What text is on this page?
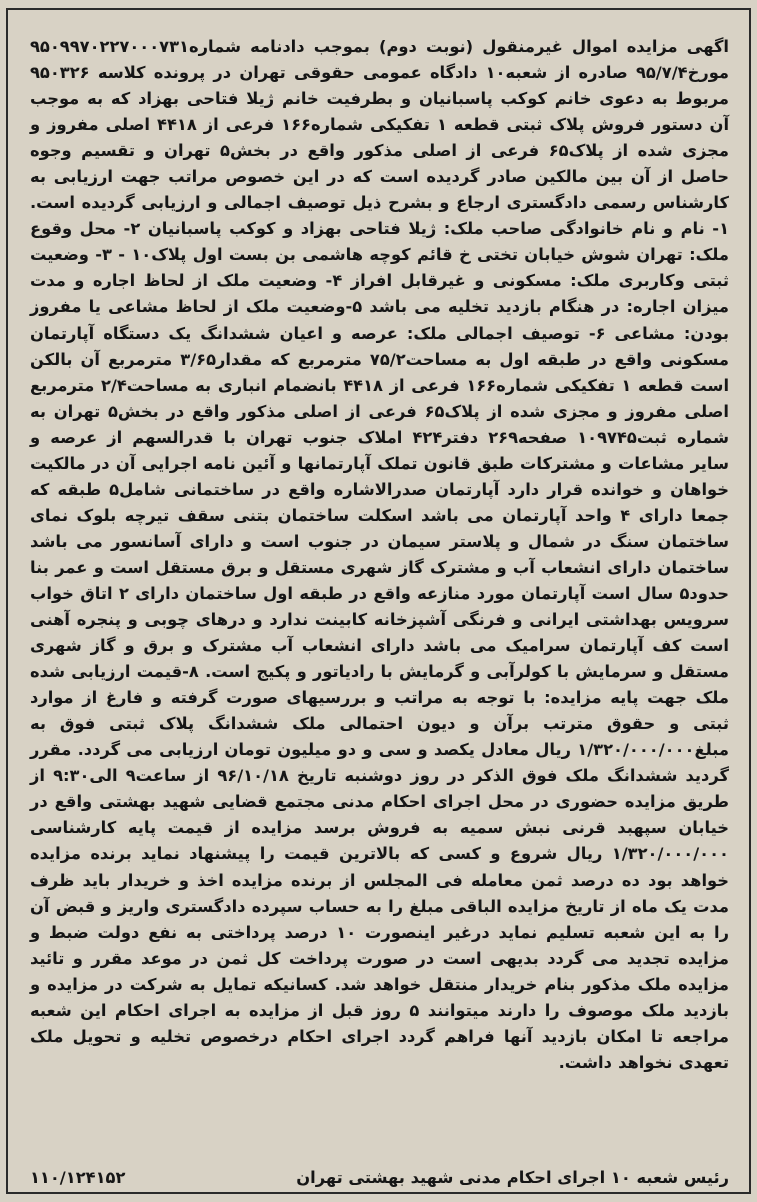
اگهی مزایده اموال غیرمنقول (نوبت دوم) بموجب دادنامه شماره۹۵۰۹۹۷۰۲۲۷۰۰۰۷۳۱ مورخ۹۵/۷/۴ صادره از شعبه۱۰ دادگاه عمومی حقوقی تهران در پرونده کلاسه ۹۵۰۳۲۶ مربوط به دعوی خانم کوکب پاسبانیان و بطرفیت خانم ژیلا فتاحی بهزاد که به موجب آن دستور فروش پلاک ثبتی قطعه ۱ تفکیکی شماره۱۶۶ فرعی از ۴۴۱۸ اصلی مفروز و مجزی شده از پلاک۶۵ فرعی از اصلی مذکور واقع در بخش۵ تهران و تقسیم وجوه حاصل از آن بین مالکین صادر گردیده است که در این خصوص مراتب جهت ارزیابی به کارشناس رسمی دادگستری ارجاع و بشرح ذیل توصیف اجمالی و ارزیابی گردیده است. ۱- نام و نام خانوادگی صاحب ملک: ژیلا فتاحی بهزاد و کوکب پاسبانیان ۲- محل وقوع ملک: تهران شوش خیابان تختی خ قائم کوچه هاشمی بن بست اول پلاک۱۰ - ۳- وضعیت ثبتی وکاربری ملک: مسکونی و غیرقابل افراز ۴- وضعیت ملک از لحاظ اجاره و مدت میزان اجاره: در هنگام بازدید تخلیه می باشد ۵-وضعیت ملک از لحاظ مشاعی یا مفروز بودن: مشاعی ۶- توصیف اجمالی ملک: عرصه و اعیان ششدانگ یک دستگاه آپارتمان مسکونی واقع در طبقه اول به مساحت۷۵/۲ مترمربع که مقدار۳/۶۵ مترمربع آن بالکن است قطعه ۱ تفکیکی شماره۱۶۶ فرعی از ۴۴۱۸ بانضمام انباری به مساحت۲/۴ مترمربع اصلی مفروز و مجزی شده از پلاک۶۵ فرعی از اصلی مذکور واقع در بخش۵ تهران به شماره ثبت۱۰۹۷۴۵ صفحه۲۶۹ دفتر۴۲۴ املاک جنوب تهران با قدرالسهم از عرصه و سایر مشاعات و مشترکات طبق قانون تملک آپارتمانها و آئین نامه اجرایی آن در مالکیت خواهان و خوانده قرار دارد آپارتمان صدرالاشاره واقع در ساختمانی شامل۵ طبقه که جمعا دارای ۴ واحد آپارتمان می باشد اسکلت ساختمان بتنی سقف تیرچه بلوک نمای ساختمان سنگ در شمال و پلاستر سیمان در جنوب است و دارای آسانسور می باشد ساختمان دارای انشعاب آب و مشترک گاز شهری مستقل و برق مستقل است و عمر بنا حدود۵ سال است آپارتمان مورد منازعه واقع در طبقه اول ساختمان دارای ۲ اتاق خواب سرویس بهداشتی ایرانی و فرنگی آشپزخانه کابینت ندارد و درهای چوبی و پنجره آهنی است کف آپارتمان سرامیک می باشد دارای انشعاب آب مشترک و برق و گاز شهری مستقل و سرمایش با کولرآبی و گرمایش با رادیاتور و پکیج است. ۸-قیمت ارزیابی شده ملک جهت پایه مزایده: با توجه به مراتب و بررسیهای صورت گرفته و فارغ از موارد ثبتی و حقوق مترتب برآن و دیون احتمالی ملک ششدانگ پلاک ثبتی فوق به مبلغ۱/۳۲۰/۰۰۰/۰۰۰ ریال معادل یکصد و سی و دو میلیون تومان ارزیابی می گردد. مقرر گردید ششدانگ ملک فوق الذکر در روز دوشنبه تاریخ ۹۶/۱۰/۱۸ از ساعت۹ الی۹:۳۰ از طریق مزایده حضوری در محل اجرای احکام مدنی مجتمع قضایی شهید بهشتی واقع در خیابان سپهبد قرنی نبش سمیه به فروش برسد مزایده از قیمت پایه کارشناسی ۱/۳۲۰/۰۰۰/۰۰۰ ریال شروع و کسی که بالاترین قیمت را پیشنهاد نماید برنده مزایده خواهد بود ده درصد ثمن معامله فی المجلس از برنده مزایده اخذ و خریدار باید ظرف مدت یک ماه از تاریخ مزایده الباقی مبلغ را به حساب سپرده دادگستری واریز و قبض آن را به این شعبه تسلیم نماید درغیر اینصورت ۱۰ درصد پرداختی به نفع دولت ضبط و مزایده تجدید می گردد بدیهی است در صورت پرداخت کل ثمن در موعد مقرر و تائید مزایده ملک مذکور بنام خریدار منتقل خواهد شد. کسانیکه تمایل به شرکت در مزایده و بازدید ملک موصوف را دارند میتوانند ۵ روز قبل از مزایده به اجرای احکام این شعبه مراجعه تا امکان بازدید آنها فراهم گردد اجرای احکام درخصوص تخلیه و تحویل ملک تعهدی نخواهد داشت.

رئیس شعبه ۱۰ اجرای احکام مدنی شهید بهشتی تهران
۱۱۰/۱۲۴۱۵۲
